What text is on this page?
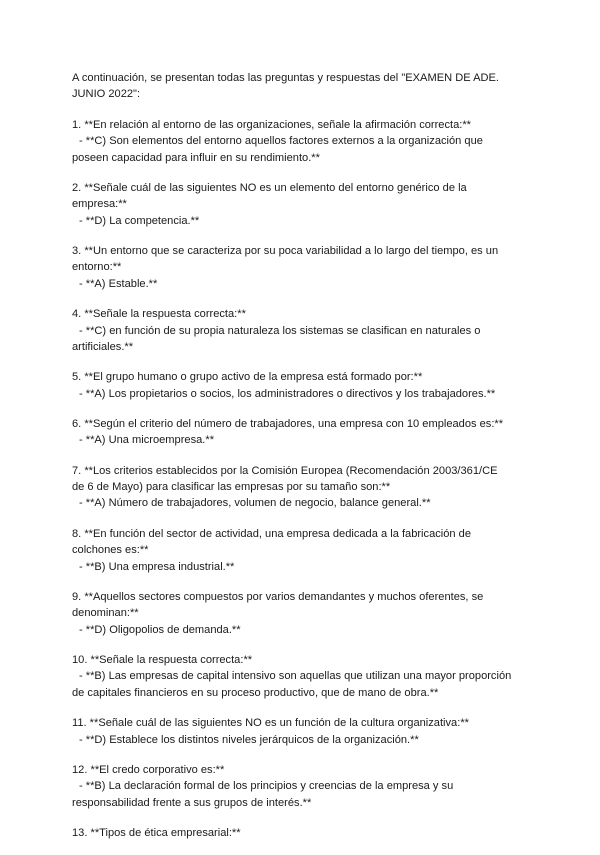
A continuación, se presentan todas las preguntas y respuestas del "EXAMEN DE ADE. JUNIO 2022":
1. **En relación al entorno de las organizaciones, señale la afirmación correcta:**
- **C) Son elementos del entorno aquellos factores externos a la organización que poseen capacidad para influir en su rendimiento.**
2. **Señale cuál de las siguientes NO es un elemento del entorno genérico de la empresa:**
- **D) La competencia.**
3. **Un entorno que se caracteriza por su poca variabilidad a lo largo del tiempo, es un entorno:**
- **A) Estable.**
4. **Señale la respuesta correcta:**
- **C) en función de su propia naturaleza los sistemas se clasifican en naturales o artificiales.**
5. **El grupo humano o grupo activo de la empresa está formado por:**
- **A) Los propietarios o socios, los administradores o directivos y los trabajadores.**
6. **Según el criterio del número de trabajadores, una empresa con 10 empleados es:**
- **A) Una microempresa.**
7. **Los criterios establecidos por la Comisión Europea (Recomendación 2003/361/CE de 6 de Mayo) para clasificar las empresas por su tamaño son:**
- **A) Número de trabajadores, volumen de negocio, balance general.**
8. **En función del sector de actividad, una empresa dedicada a la fabricación de colchones es:**
- **B) Una empresa industrial.**
9. **Aquellos sectores compuestos por varios demandantes y muchos oferentes, se denominan:**
- **D) Oligopolios de demanda.**
10. **Señale la respuesta correcta:**
- **B) Las empresas de capital intensivo son aquellas que utilizan una mayor proporción de capitales financieros en su proceso productivo, que de mano de obra.**
11. **Señale cuál de las siguientes NO es un función de la cultura organizativa:**
- **D) Establece los distintos niveles jerárquicos de la organización.**
12. **El credo corporativo es:**
- **B) La declaración formal de los principios y creencias de la empresa y su responsabilidad frente a sus grupos de interés.**
13. **Tipos de ética empresarial:**
